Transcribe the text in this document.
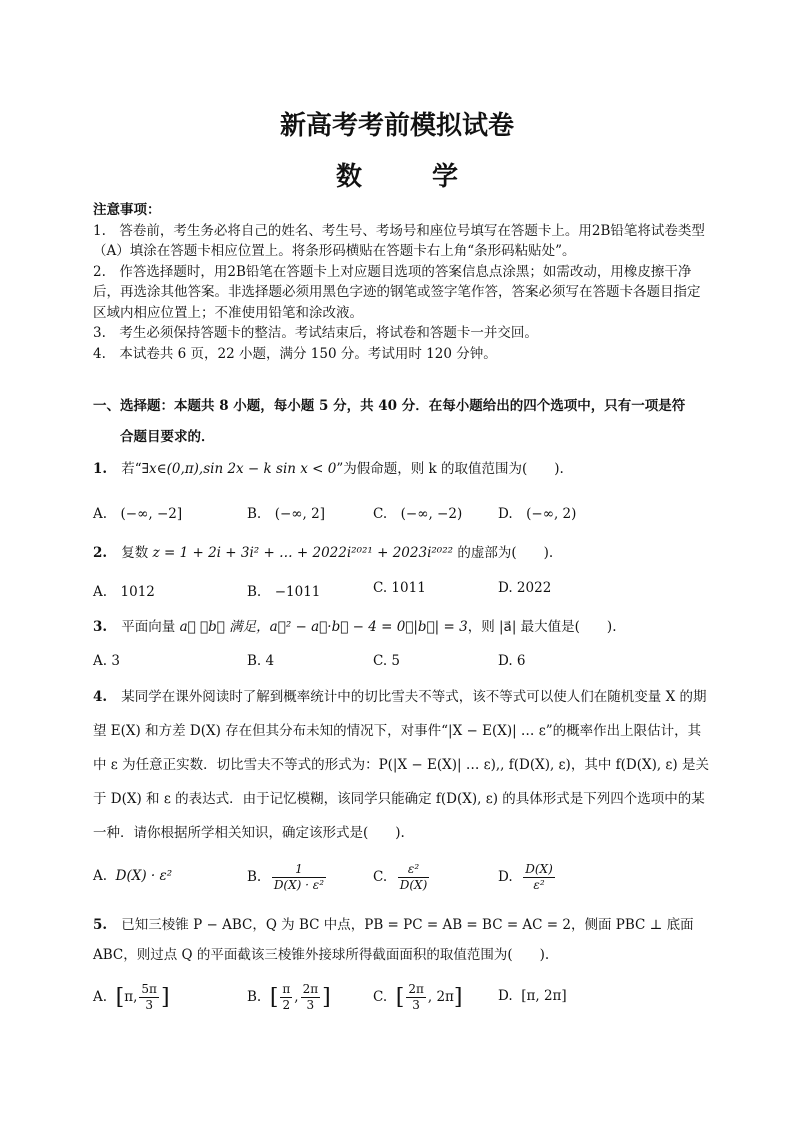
新高考考前模拟试卷
数　学

注意事项：

1.　答卷前，考生务必将自己的姓名、考生号、考场号和座位号填写在答题卡上。用2B铅笔将试卷类型（A）填涂在答题卡相应位置上。将条形码横贴在答题卡右上角“条形码粘贴处”。

2.　作答选择题时，用2B铅笔在答题卡上对应题目选项的答案信息点涂黑；如需改动，用橡皮擦干净后，再选涂其他答案。非选择题必须用黑色字迹的钢笔或签字笔作答，答案必须写在答题卡各题目指定区域内相应位置上；不准使用铅笔和涂改液。

3.　考生必须保持答题卡的整洁。考试结束后，将试卷和答题卡一并交回。

4.　本试卷共 6 页，22 小题，满分 150 分。考试用时 120 分钟。

一、选择题：本题共 8 小题，每小题 5 分，共 40 分．在每小题给出的四个选项中，只有一项是符
合题目要求的．
1. 若“∃x∈(0,π),sin 2x − k sin x < 0”为假命题，则 k 的取值范围为(　　).
A.　(−∞, −2]	B.　(−∞, 2]	C.　(−∞, −2)	D.　(−∞, 2)
2. 复数 z = 1 + 2i + 3i² + … + 2022i²⁰²¹ + 2023i²⁰²² 的虚部为(　　).
A.　1012	B.　−1011	C. 1011	D. 2022
3. 平面向量 a⃗ ，b⃗ 满足，a⃗² − a⃗·b⃗ − 4 = 0，|b⃗| = 3，则 |a⃗| 最大值是(　　).
A. 3	B. 4	C. 5	D. 6
4. 某同学在课外阅读时了解到概率统计中的切比雪夫不等式，该不等式可以使人们在随机变量 X 的期望 E(X) 和方差 D(X) 存在但其分布未知的情况下，对事件“|X − E(X)| … ε”的概率作出上限估计，其中 ε 为任意正实数．切比雪夫不等式的形式为：P(|X − E(X)| … ε),, f(D(X), ε)，其中 f(D(X), ε) 是关于 D(X) 和 ε 的表达式．由于记忆模糊，该同学只能确定 f(D(X), ε) 的具体形式是下列四个选项中的某一种．请你根据所学相关知识，确定该形式是(　　).
A. D(X) · ε²	B. $\frac{1}{\text{D(X) · ε²}}$	C. $\frac{\text{ε²}}{D(X)}$	D. $\frac{D(X)}{\text{ε²}}$
5. 已知三棱锥 P − ABC，Q 为 BC 中点，PB = PC = AB = BC = AC = 2，侧面 PBC ⊥ 底面 ABC，则过点 Q 的平面截该三棱锥外接球所得截面面积的取值范围为(　　).
A. [π, $\frac{5\pi}{3}$ ]	B. [ $\frac{\pi}{2}$ , $\frac{2\pi}{3}$ ]	C. [ $\frac{2\pi}{3}$ , 2π]	D. [π, 2π]
